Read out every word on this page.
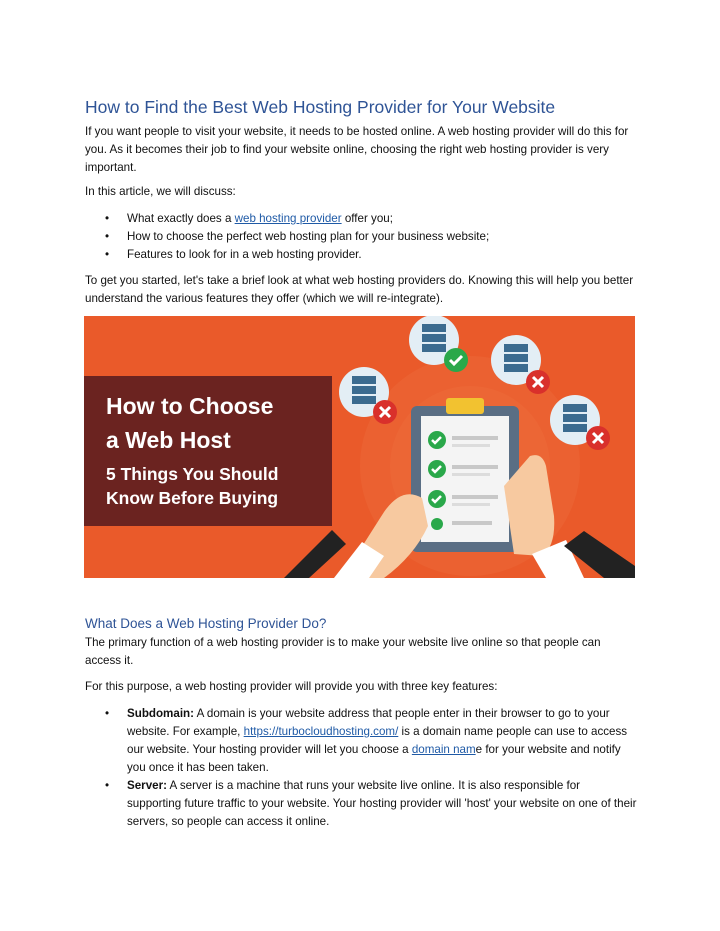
How to Find the Best Web Hosting Provider for Your Website

If you want people to visit your website, it needs to be hosted online. A web hosting provider will do this for you. As it becomes their job to find your website online, choosing the right web hosting provider is very important.

In this article, we will discuss:

• What exactly does a web hosting provider offer you;
• How to choose the perfect web hosting plan for your business website;
• Features to look for in a web hosting provider.

To get you started, let's take a brief look at what web hosting providers do. Knowing this will help you better understand the various features they offer (which we will re-integrate).

What Does a Web Hosting Provider Do?

The primary function of a web hosting provider is to make your website live online so that people can access it.

For this purpose, a web hosting provider will provide you with three key features:

• Subdomain: A domain is your website address that people enter in their browser to go to your website. For example, https://turbocloudhosting.com/ is a domain name people can use to access our website. Your hosting provider will let you choose a domain name for your website and notify you once it has been taken.
• Server: A server is a machine that runs your website live online. It is also responsible for supporting future traffic to your website. Your hosting provider will 'host' your website on one of their servers, so people can access it online.
How to Choose
a Web Host
5 Things You Should
Know Before Buying
